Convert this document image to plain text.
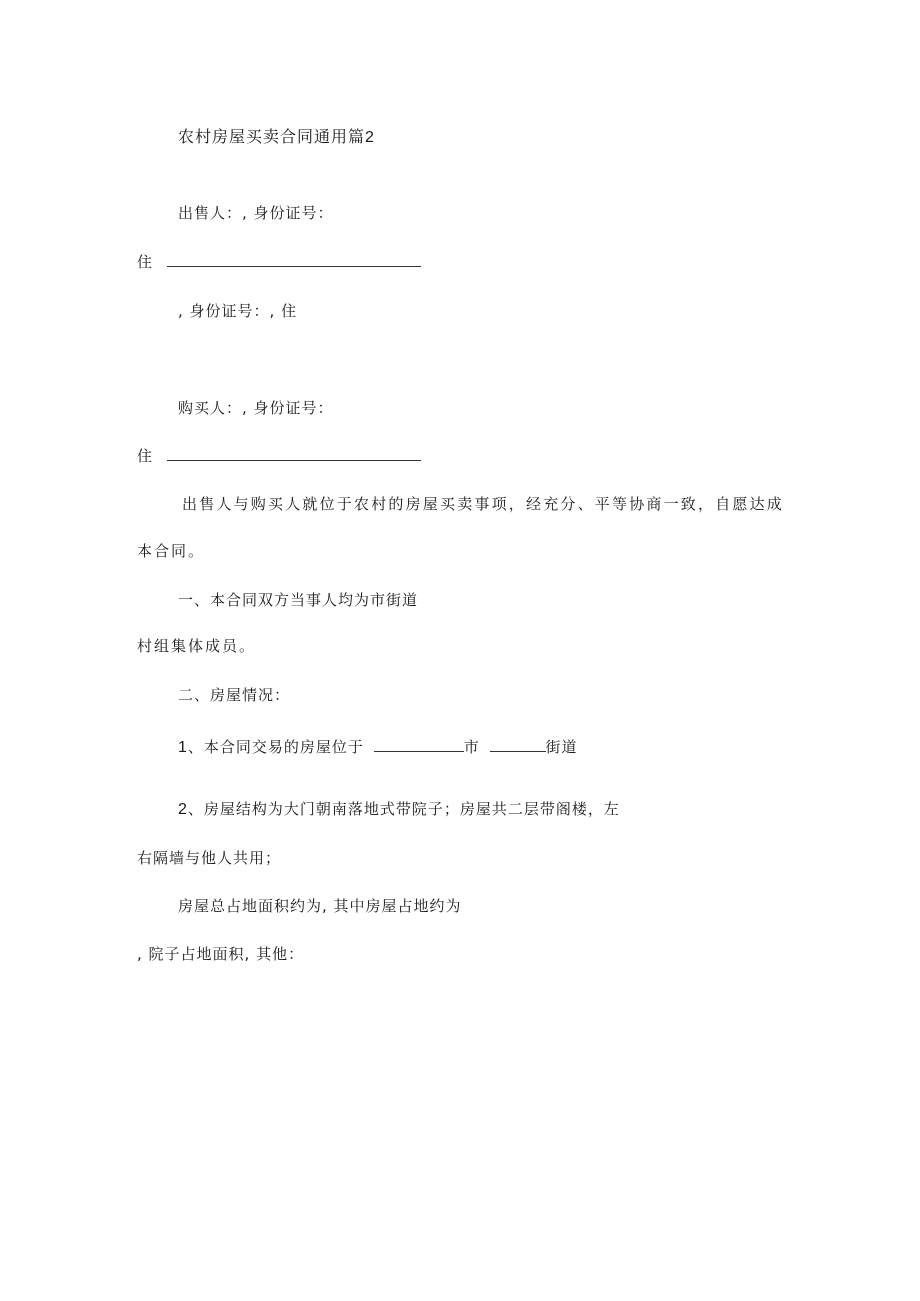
农村房屋买卖合同通用篇2
出售人：, 身份证号：
住
, 身份证号：, 住
购买人：, 身份证号：
住
出售人与购买人就位于农村的房屋买卖事项，经充分、平等协商一致，自愿达成
本合同。
一、本合同双方当事人均为市街道
村组集体成员。
二、房屋情况：
1、本合同交易的房屋位于	市	街道
2、房屋结构为大门朝南落地式带院子；房屋共二层带阁楼，左
右隔墙与他人共用；
房屋总占地面积约为, 其中房屋占地约为
, 院子占地面积, 其他：
